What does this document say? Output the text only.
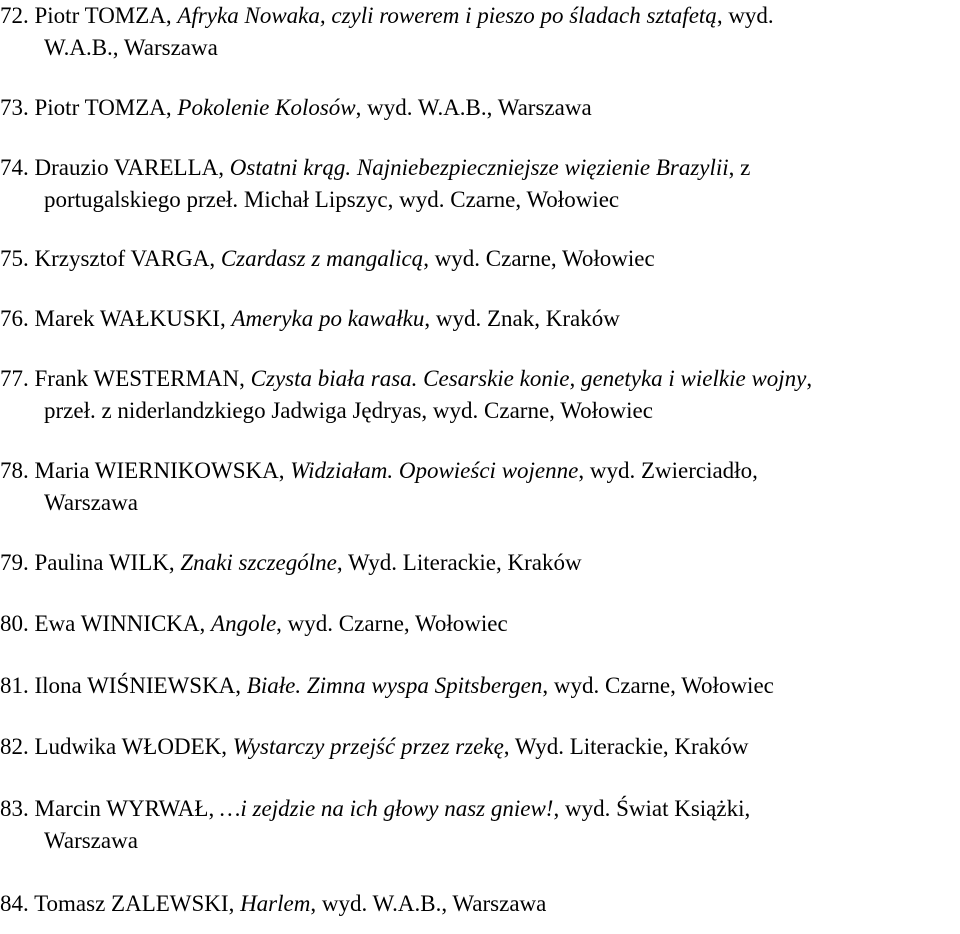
72. Piotr TOMZA, Afryka Nowaka, czyli rowerem i pieszo po śladach sztafetą, wyd.
W.A.B., Warszawa

73. Piotr TOMZA, Pokolenie Kolosów, wyd. W.A.B., Warszawa

74. Drauzio VARELLA, Ostatni krąg. Najniebezpieczniejsze więzienie Brazylii, z
portugalskiego przeł. Michał Lipszyc, wyd. Czarne, Wołowiec

75. Krzysztof VARGA, Czardasz z mangalicą, wyd. Czarne, Wołowiec

76. Marek WAŁKUSKI, Ameryka po kawałku, wyd. Znak, Kraków

77. Frank WESTERMAN, Czysta biała rasa. Cesarskie konie, genetyka i wielkie wojny,
przeł. z niderlandzkiego Jadwiga Jędryas, wyd. Czarne, Wołowiec

78. Maria WIERNIKOWSKA, Widziałam. Opowieści wojenne, wyd. Zwierciadło,
Warszawa

79. Paulina WILK, Znaki szczególne, Wyd. Literackie, Kraków

80. Ewa WINNICKA, Angole, wyd. Czarne, Wołowiec

81. Ilona WIŚNIEWSKA, Białe. Zimna wyspa Spitsbergen, wyd. Czarne, Wołowiec

82. Ludwika WŁODEK, Wystarczy przejść przez rzekę, Wyd. Literackie, Kraków

83. Marcin WYRWAŁ, …i zejdzie na ich głowy nasz gniew!, wyd. Świat Książki,
Warszawa

84. Tomasz ZALEWSKI, Harlem, wyd. W.A.B., Warszawa
